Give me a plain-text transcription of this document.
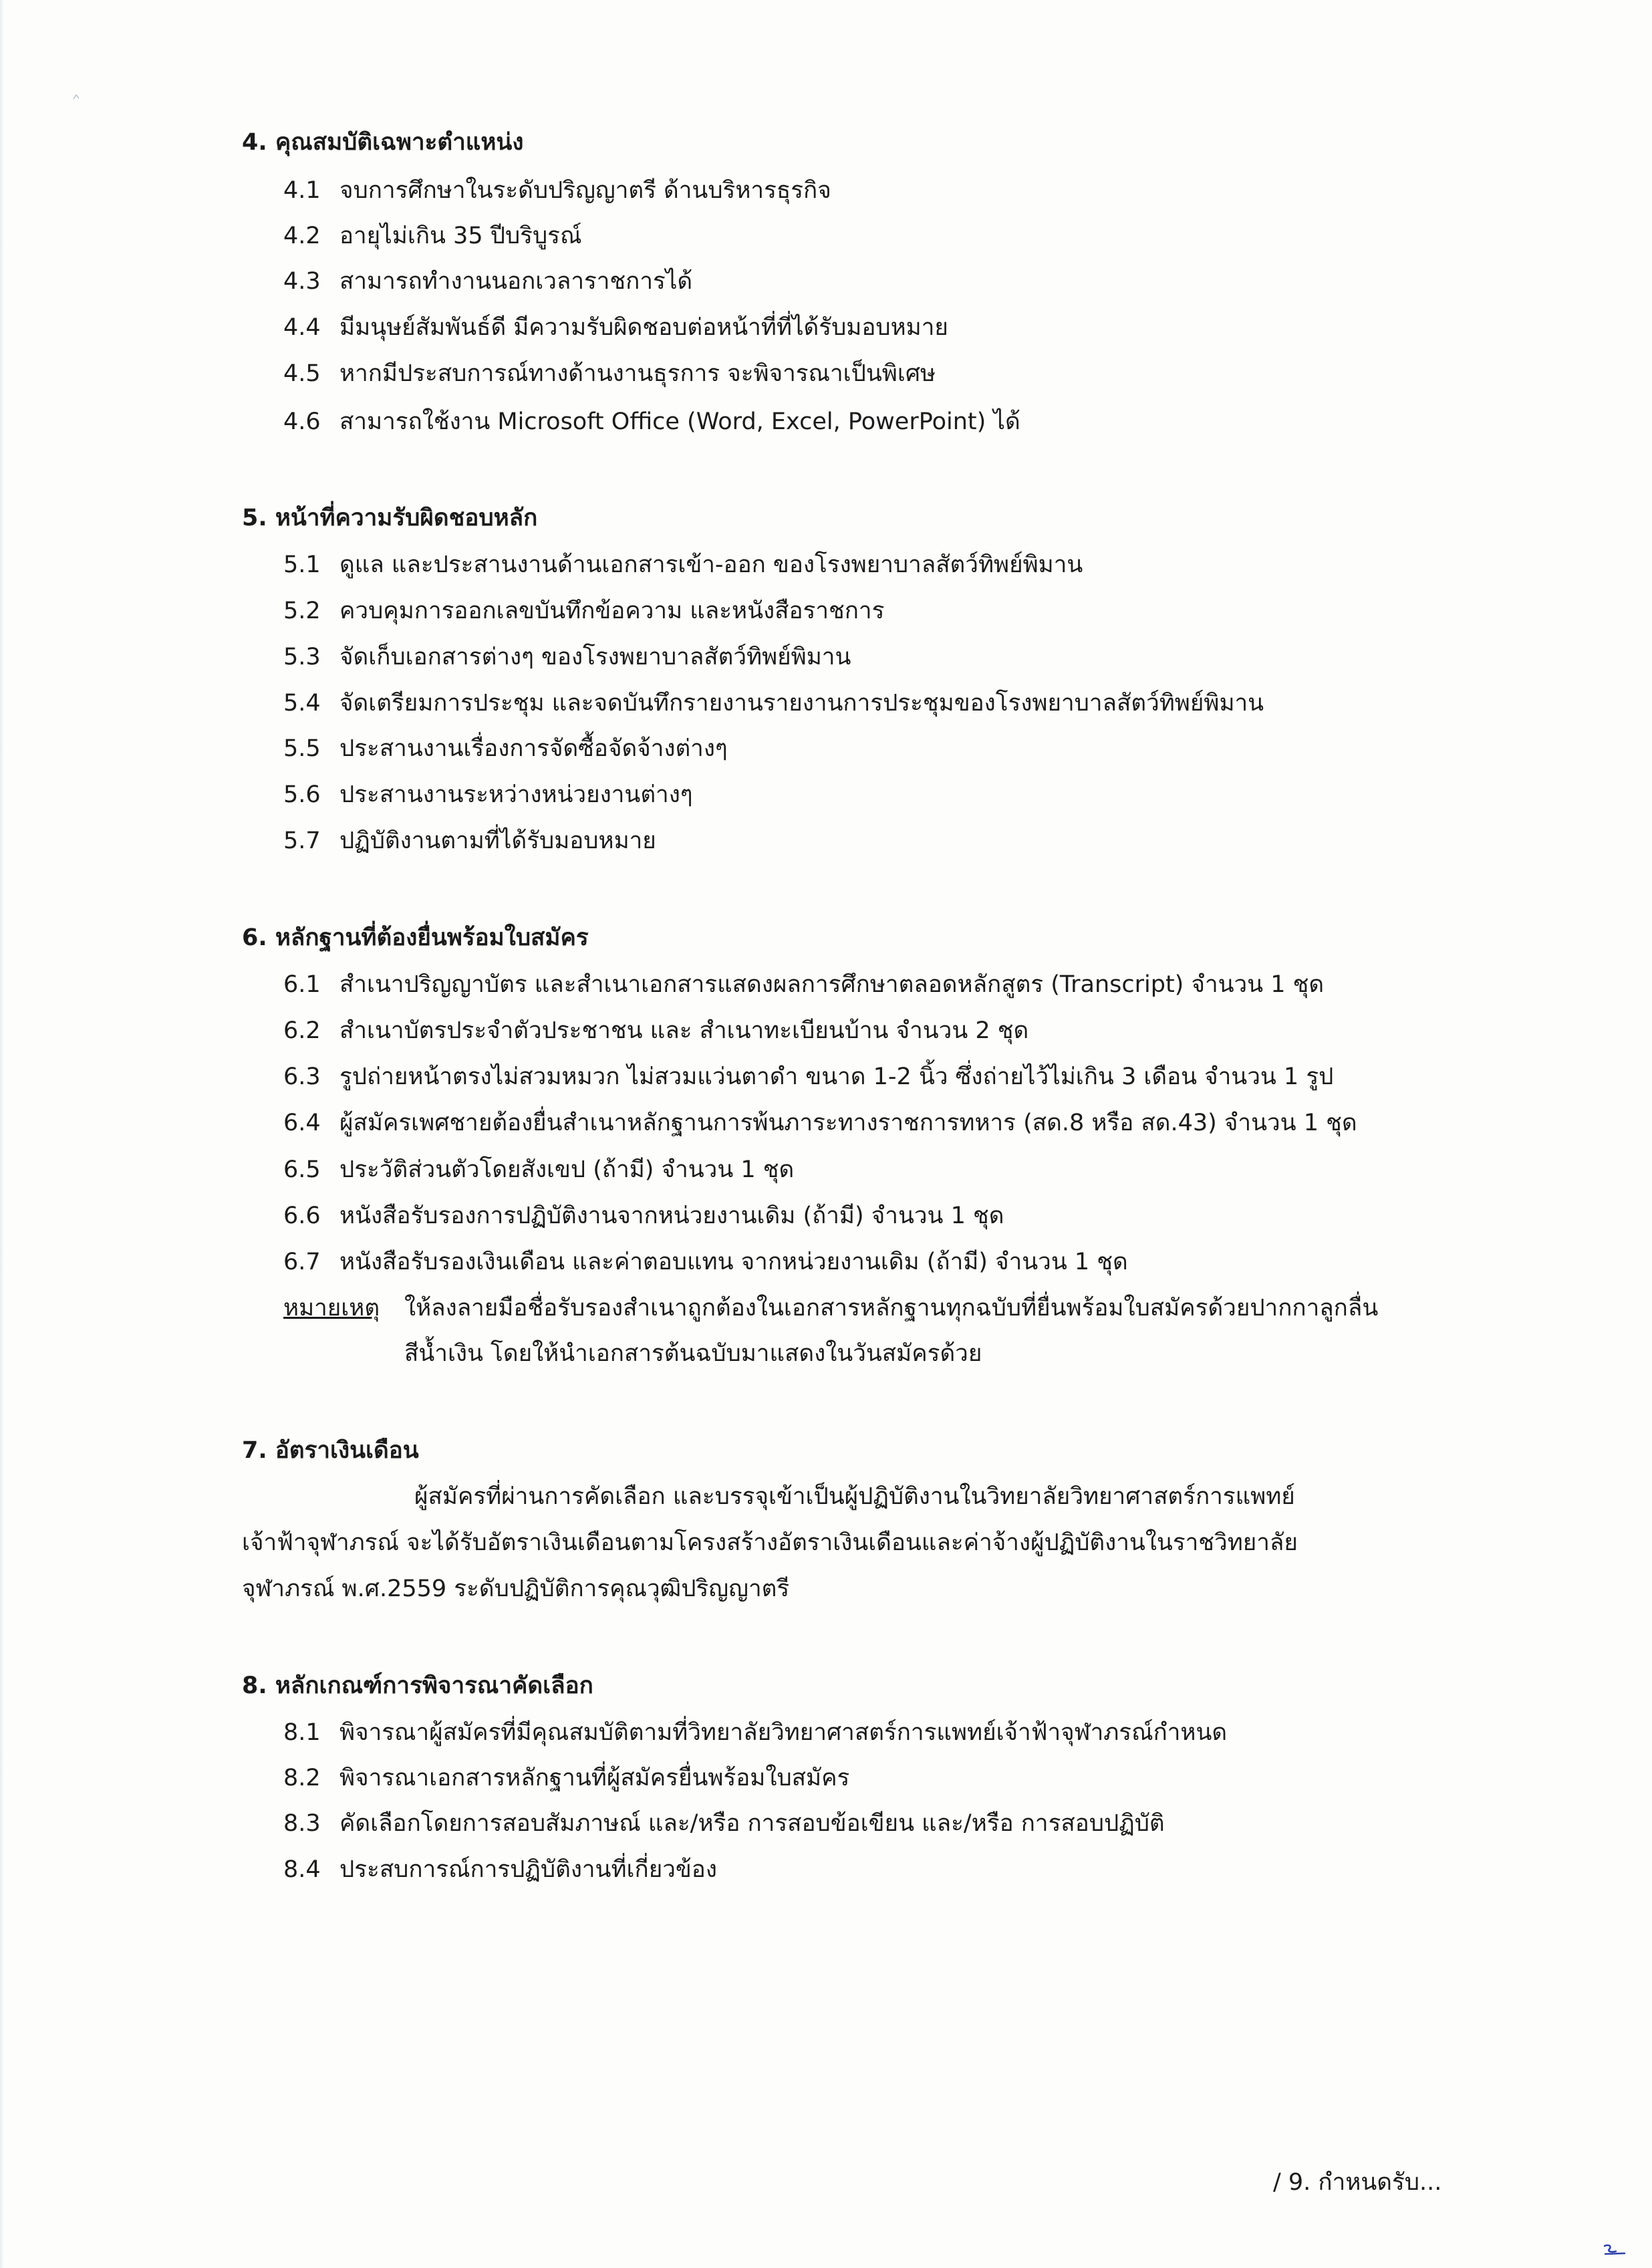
4. คุณสมบัติเฉพาะตำแหน่ง
4.1 จบการศึกษาในระดับปริญญาตรี ด้านบริหารธุรกิจ
4.2 อายุไม่เกิน 35 ปีบริบูรณ์
4.3 สามารถทำงานนอกเวลาราชการได้
4.4 มีมนุษย์สัมพันธ์ดี มีความรับผิดชอบต่อหน้าที่ที่ได้รับมอบหมาย
4.5 หากมีประสบการณ์ทางด้านงานธุรการ จะพิจารณาเป็นพิเศษ
4.6 สามารถใช้งาน Microsoft Office (Word, Excel, PowerPoint) ได้
5. หน้าที่ความรับผิดชอบหลัก
5.1 ดูแล และประสานงานด้านเอกสารเข้า-ออก ของโรงพยาบาลสัตว์ทิพย์พิมาน
5.2 ควบคุมการออกเลขบันทึกข้อความ และหนังสือราชการ
5.3 จัดเก็บเอกสารต่างๆ ของโรงพยาบาลสัตว์ทิพย์พิมาน
5.4 จัดเตรียมการประชุม และจดบันทึกรายงานรายงานการประชุมของโรงพยาบาลสัตว์ทิพย์พิมาน
5.5 ประสานงานเรื่องการจัดซื้อจัดจ้างต่างๆ
5.6 ประสานงานระหว่างหน่วยงานต่างๆ
5.7 ปฏิบัติงานตามที่ได้รับมอบหมาย
6. หลักฐานที่ต้องยื่นพร้อมใบสมัคร
6.1 สำเนาปริญญาบัตร และสำเนาเอกสารแสดงผลการศึกษาตลอดหลักสูตร (Transcript) จำนวน 1 ชุด
6.2 สำเนาบัตรประจำตัวประชาชน และ สำเนาทะเบียนบ้าน จำนวน 2 ชุด
6.3 รูปถ่ายหน้าตรงไม่สวมหมวก ไม่สวมแว่นตาดำ ขนาด 1-2 นิ้ว ซึ่งถ่ายไว้ไม่เกิน 3 เดือน จำนวน 1 รูป
6.4 ผู้สมัครเพศชายต้องยื่นสำเนาหลักฐานการพ้นภาระทางราชการทหาร (สด.8 หรือ สด.43) จำนวน 1 ชุด
6.5 ประวัติส่วนตัวโดยสังเขป (ถ้ามี) จำนวน 1 ชุด
6.6 หนังสือรับรองการปฏิบัติงานจากหน่วยงานเดิม (ถ้ามี) จำนวน 1 ชุด
6.7 หนังสือรับรองเงินเดือน และค่าตอบแทน จากหน่วยงานเดิม (ถ้ามี) จำนวน 1 ชุด
หมายเหตุ ให้ลงลายมือชื่อรับรองสำเนาถูกต้องในเอกสารหลักฐานทุกฉบับที่ยื่นพร้อมใบสมัครด้วยปากกาลูกลื่น
สีน้ำเงิน โดยให้นำเอกสารต้นฉบับมาแสดงในวันสมัครด้วย
7. อัตราเงินเดือน
ผู้สมัครที่ผ่านการคัดเลือก และบรรจุเข้าเป็นผู้ปฏิบัติงานในวิทยาลัยวิทยาศาสตร์การแพทย์
เจ้าฟ้าจุฬาภรณ์ จะได้รับอัตราเงินเดือนตามโครงสร้างอัตราเงินเดือนและค่าจ้างผู้ปฏิบัติงานในราชวิทยาลัย
จุฬาภรณ์ พ.ศ.2559 ระดับปฏิบัติการคุณวุฒิปริญญาตรี
8. หลักเกณฑ์การพิจารณาคัดเลือก
8.1 พิจารณาผู้สมัครที่มีคุณสมบัติตามที่วิทยาลัยวิทยาศาสตร์การแพทย์เจ้าฟ้าจุฬาภรณ์กำหนด
8.2 พิจารณาเอกสารหลักฐานที่ผู้สมัครยื่นพร้อมใบสมัคร
8.3 คัดเลือกโดยการสอบสัมภาษณ์ และ/หรือ การสอบข้อเขียน และ/หรือ การสอบปฏิบัติ
8.4 ประสบการณ์การปฏิบัติงานที่เกี่ยวข้อง
/ 9. กำหนดรับ...
